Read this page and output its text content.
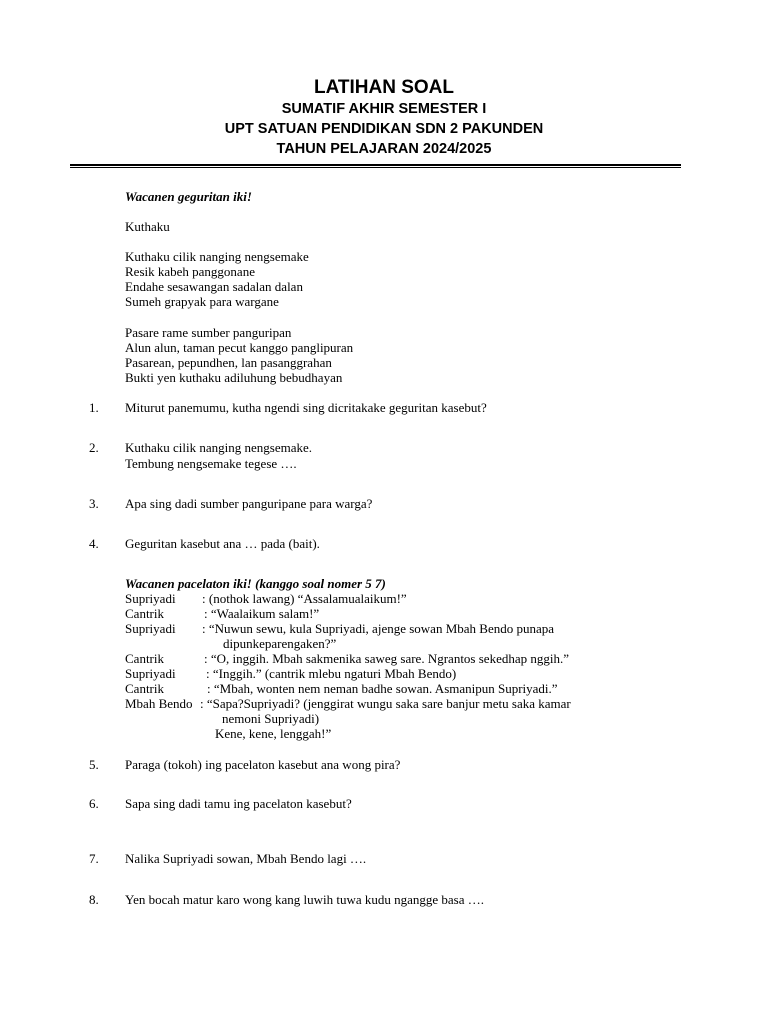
LATIHAN SOAL
SUMATIF AKHIR SEMESTER I
UPT SATUAN PENDIDIKAN SDN 2 PAKUNDEN
TAHUN PELAJARAN 2024/2025
Wacanen geguritan iki!
Kuthaku
Kuthaku cilik nanging nengsemake
Resik kabeh panggonane
Endahe sesawangan sadalan dalan
Sumeh grapyak para wargane
Pasare rame sumber panguripan
Alun alun, taman pecut kanggo panglipuran
Pasarean, pepundhen, lan pasanggrahan
Bukti yen kuthaku adiluhung bebudhayan
1. Miturut panemumu, kutha ngendi sing dicritakake geguritan kasebut?
2. Kuthaku cilik nanging nengsemake.
Tembung nengsemake tegese ….
3. Apa sing dadi sumber panguripane para warga?
4. Geguritan kasebut ana … pada (bait).
Wacanen pacelaton iki! (kanggo soal nomer 5 7)
Supriyadi : (nothok lawang) “Assalamualaikum!”
Cantrik	: “Waalaikum salam!”
Supriyadi : “Nuwun sewu, kula Supriyadi, ajenge sowan Mbah Bendo punapa
dipunkeparengaken?”
Cantrik	: “O, inggih. Mbah sakmenika saweg sare. Ngrantos sekedhap nggih.”
Supriyadi : “Inggih.” (cantrik mlebu ngaturi Mbah Bendo)
Cantrik	: “Mbah, wonten nem neman badhe sowan. Asmanipun Supriyadi.”
Mbah Bendo : “Sapa?Supriyadi? (jenggirat wungu saka sare banjur metu saka kamar
nemoni Supriyadi)
Kene, kene, lenggah!”
5. Paraga (tokoh) ing pacelaton kasebut ana wong pira?
6. Sapa sing dadi tamu ing pacelaton kasebut?
7. Nalika Supriyadi sowan, Mbah Bendo lagi ….
8. Yen bocah matur karo wong kang luwih tuwa kudu ngangge basa ….
